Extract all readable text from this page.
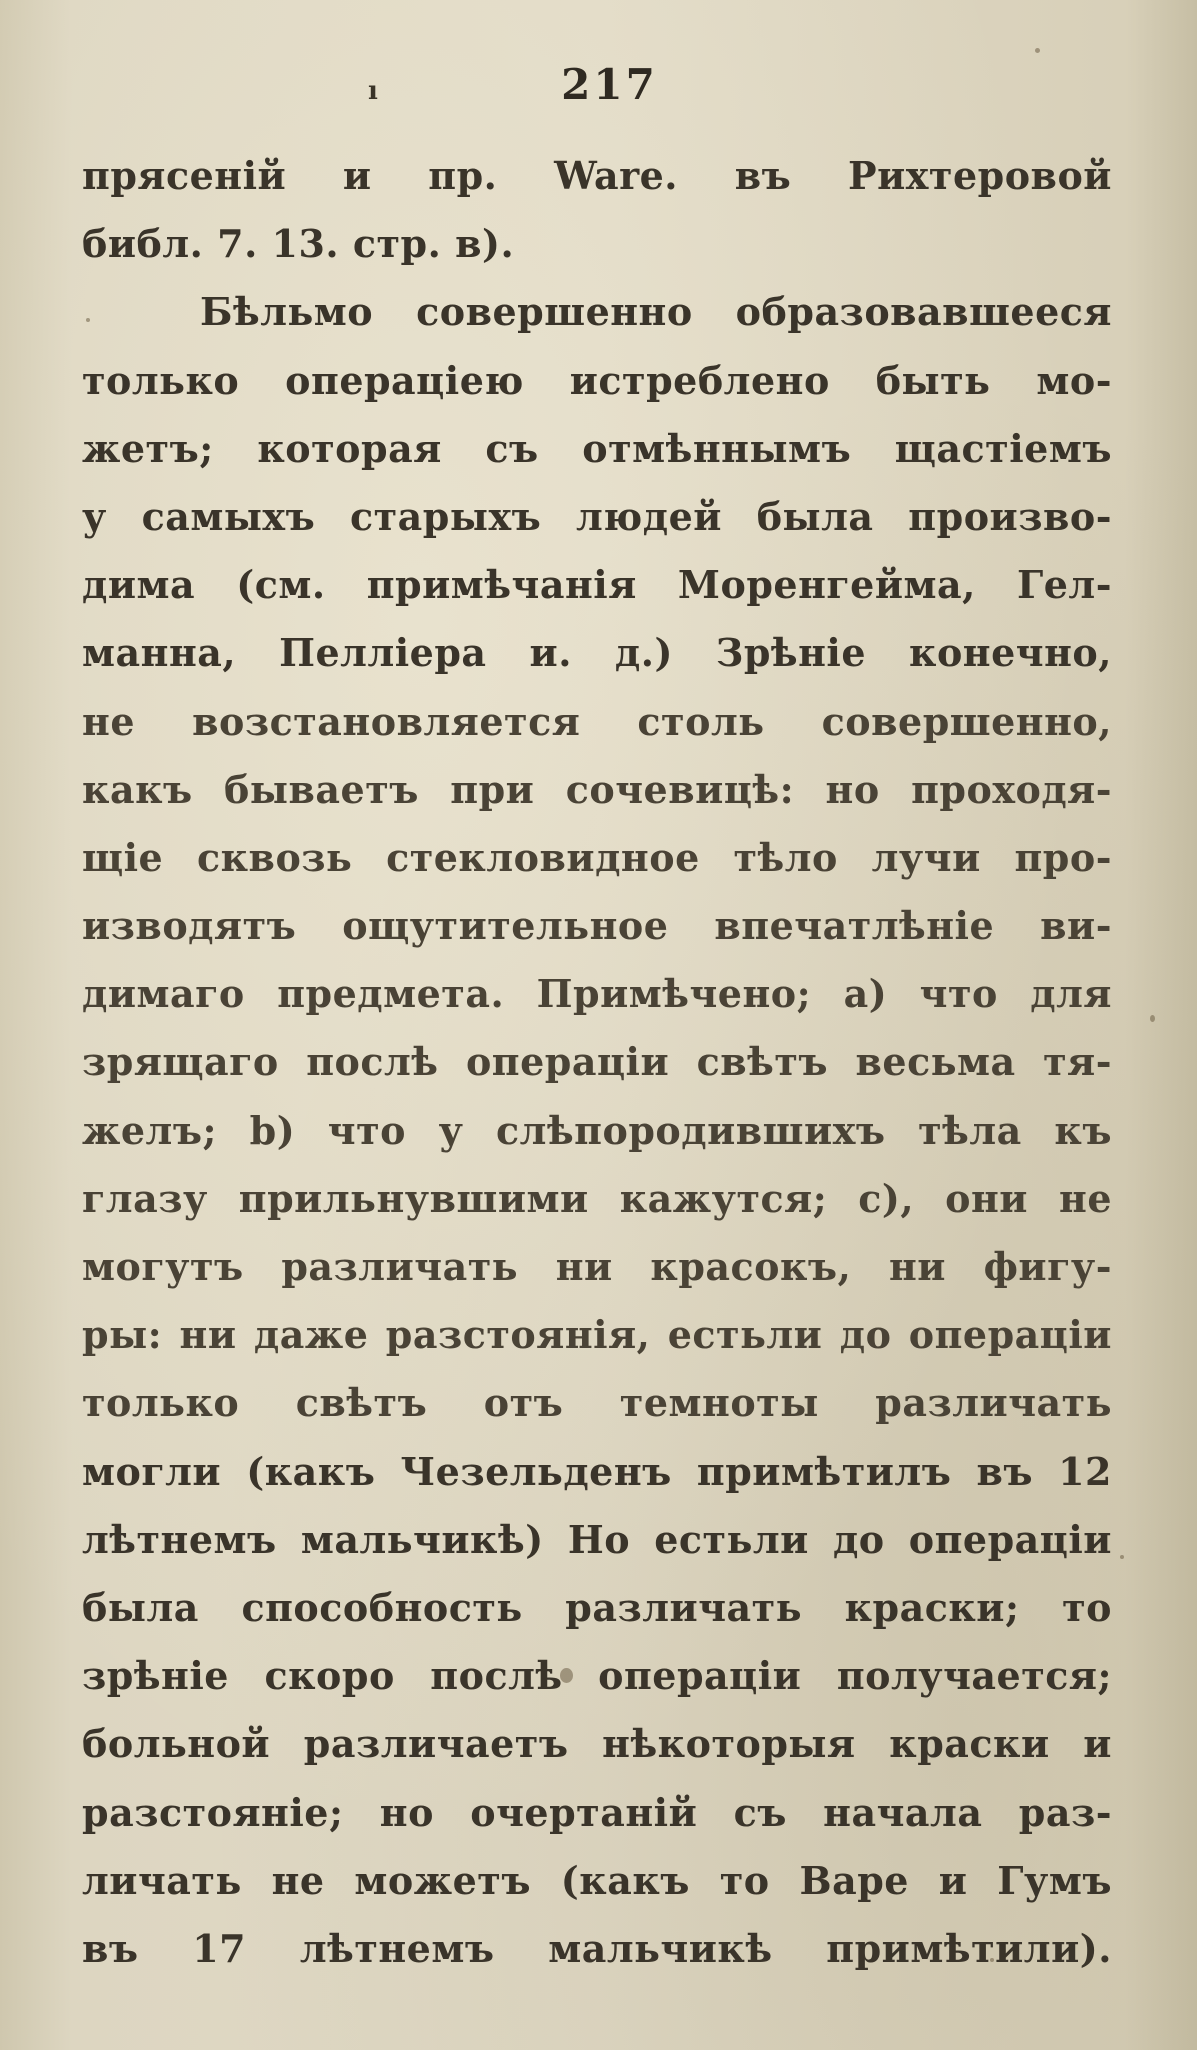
ı	217
прясеній и пр. Ware. въ Рихтеровой
библ. 7. 13. стр. в).
Бѣльмо совершенно образовавшееся
только операціею истреблено быть мо-
жетъ; которая съ отмѣннымъ щастіемъ
у самыхъ старыхъ людей была произво-
дима (см. примѣчанія Моренгейма, Гел-
манна, Пелліера и. д.) Зрѣніе конечно,
не возстановляется столь совершенно,
какъ бываетъ при сочевицѣ: но проходя-
щіе сквозь стекловидное тѣло лучи про-
изводятъ ощутительное впечатлѣніе ви-
димаго предмета. Примѣчено; a) что для
зрящаго послѣ операціи свѣтъ весьма тя-
желъ; b) что у слѣпородившихъ тѣла къ
глазу прильнувшими кажутся; c), они не
могутъ различать ни красокъ, ни фигу-
ры: ни даже разстоянія, естьли до операціи
только свѣтъ отъ темноты различать
могли (какъ Чезельденъ примѣтилъ въ 12
лѣтнемъ мальчикѣ) Но естьли до операціи
была способность различать краски; то
зрѣніе скоро послѣ операціи получается;
больной различаетъ нѣкоторыя краски и
разстояніе; но очертаній съ начала раз-
личать не можетъ (какъ то Варе и Гумъ
въ 17 лѣтнемъ мальчикѣ примѣтили).
